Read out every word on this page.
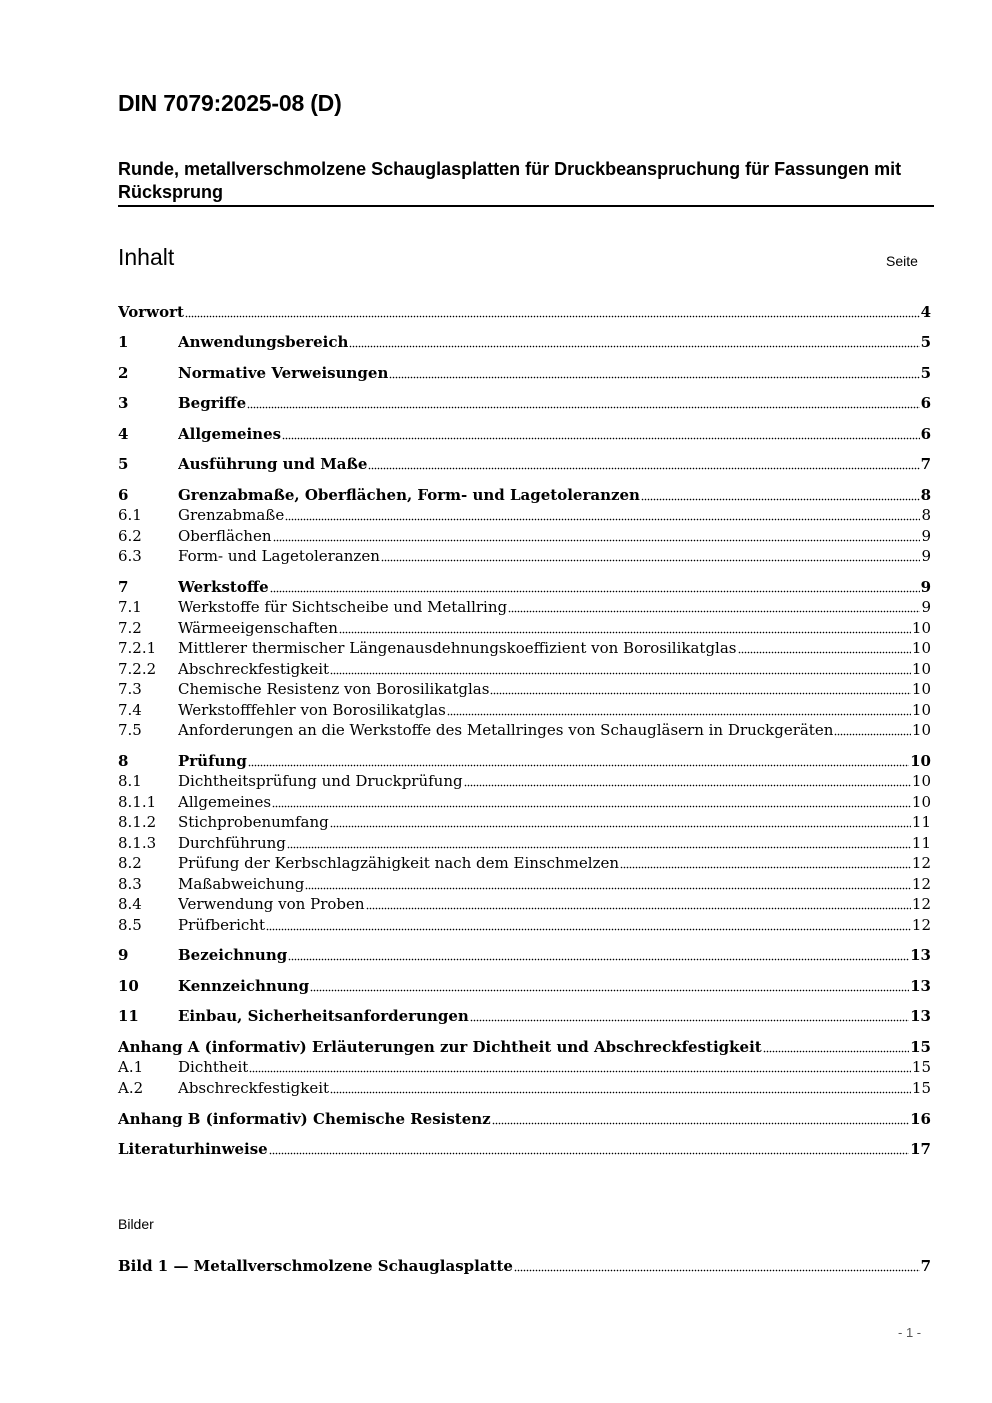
DIN 7079:2025-08 (D)
Runde, metallverschmolzene Schauglasplatten für Druckbeanspruchung für Fassungen mit Rücksprung
Inhalt	Seite
Vorwort	4
1	Anwendungsbereich	5
2	Normative Verweisungen	5
3	Begriffe	6
4	Allgemeines	6
5	Ausführung und Maße	7
6	Grenzabmaße, Oberflächen, Form- und Lagetoleranzen	8
6.1	Grenzabmaße	8
6.2	Oberflächen	9
6.3	Form- und Lagetoleranzen	9
7	Werkstoffe	9
7.1	Werkstoffe für Sichtscheibe und Metallring	9
7.2	Wärmeeigenschaften	10
7.2.1	Mittlerer thermischer Längenausdehnungskoeffizient von Borosilikatglas	10
7.2.2	Abschreckfestigkeit	10
7.3	Chemische Resistenz von Borosilikatglas	10
7.4	Werkstofffehler von Borosilikatglas	10
7.5	Anforderungen an die Werkstoffe des Metallringes von Schaugläsern in Druckgeräten	10
8	Prüfung	10
8.1	Dichtheitsprüfung und Druckprüfung	10
8.1.1	Allgemeines	10
8.1.2	Stichprobenumfang	11
8.1.3	Durchführung	11
8.2	Prüfung der Kerbschlagzähigkeit nach dem Einschmelzen	12
8.3	Maßabweichung	12
8.4	Verwendung von Proben	12
8.5	Prüfbericht	12
9	Bezeichnung	13
10	Kennzeichnung	13
11	Einbau, Sicherheitsanforderungen	13
Anhang A (informativ) Erläuterungen zur Dichtheit und Abschreckfestigkeit	15
A.1	Dichtheit	15
A.2	Abschreckfestigkeit	15
Anhang B (informativ) Chemische Resistenz	16
Literaturhinweise	17
Bilder
Bild 1 — Metallverschmolzene Schauglasplatte	7
- 1 -
